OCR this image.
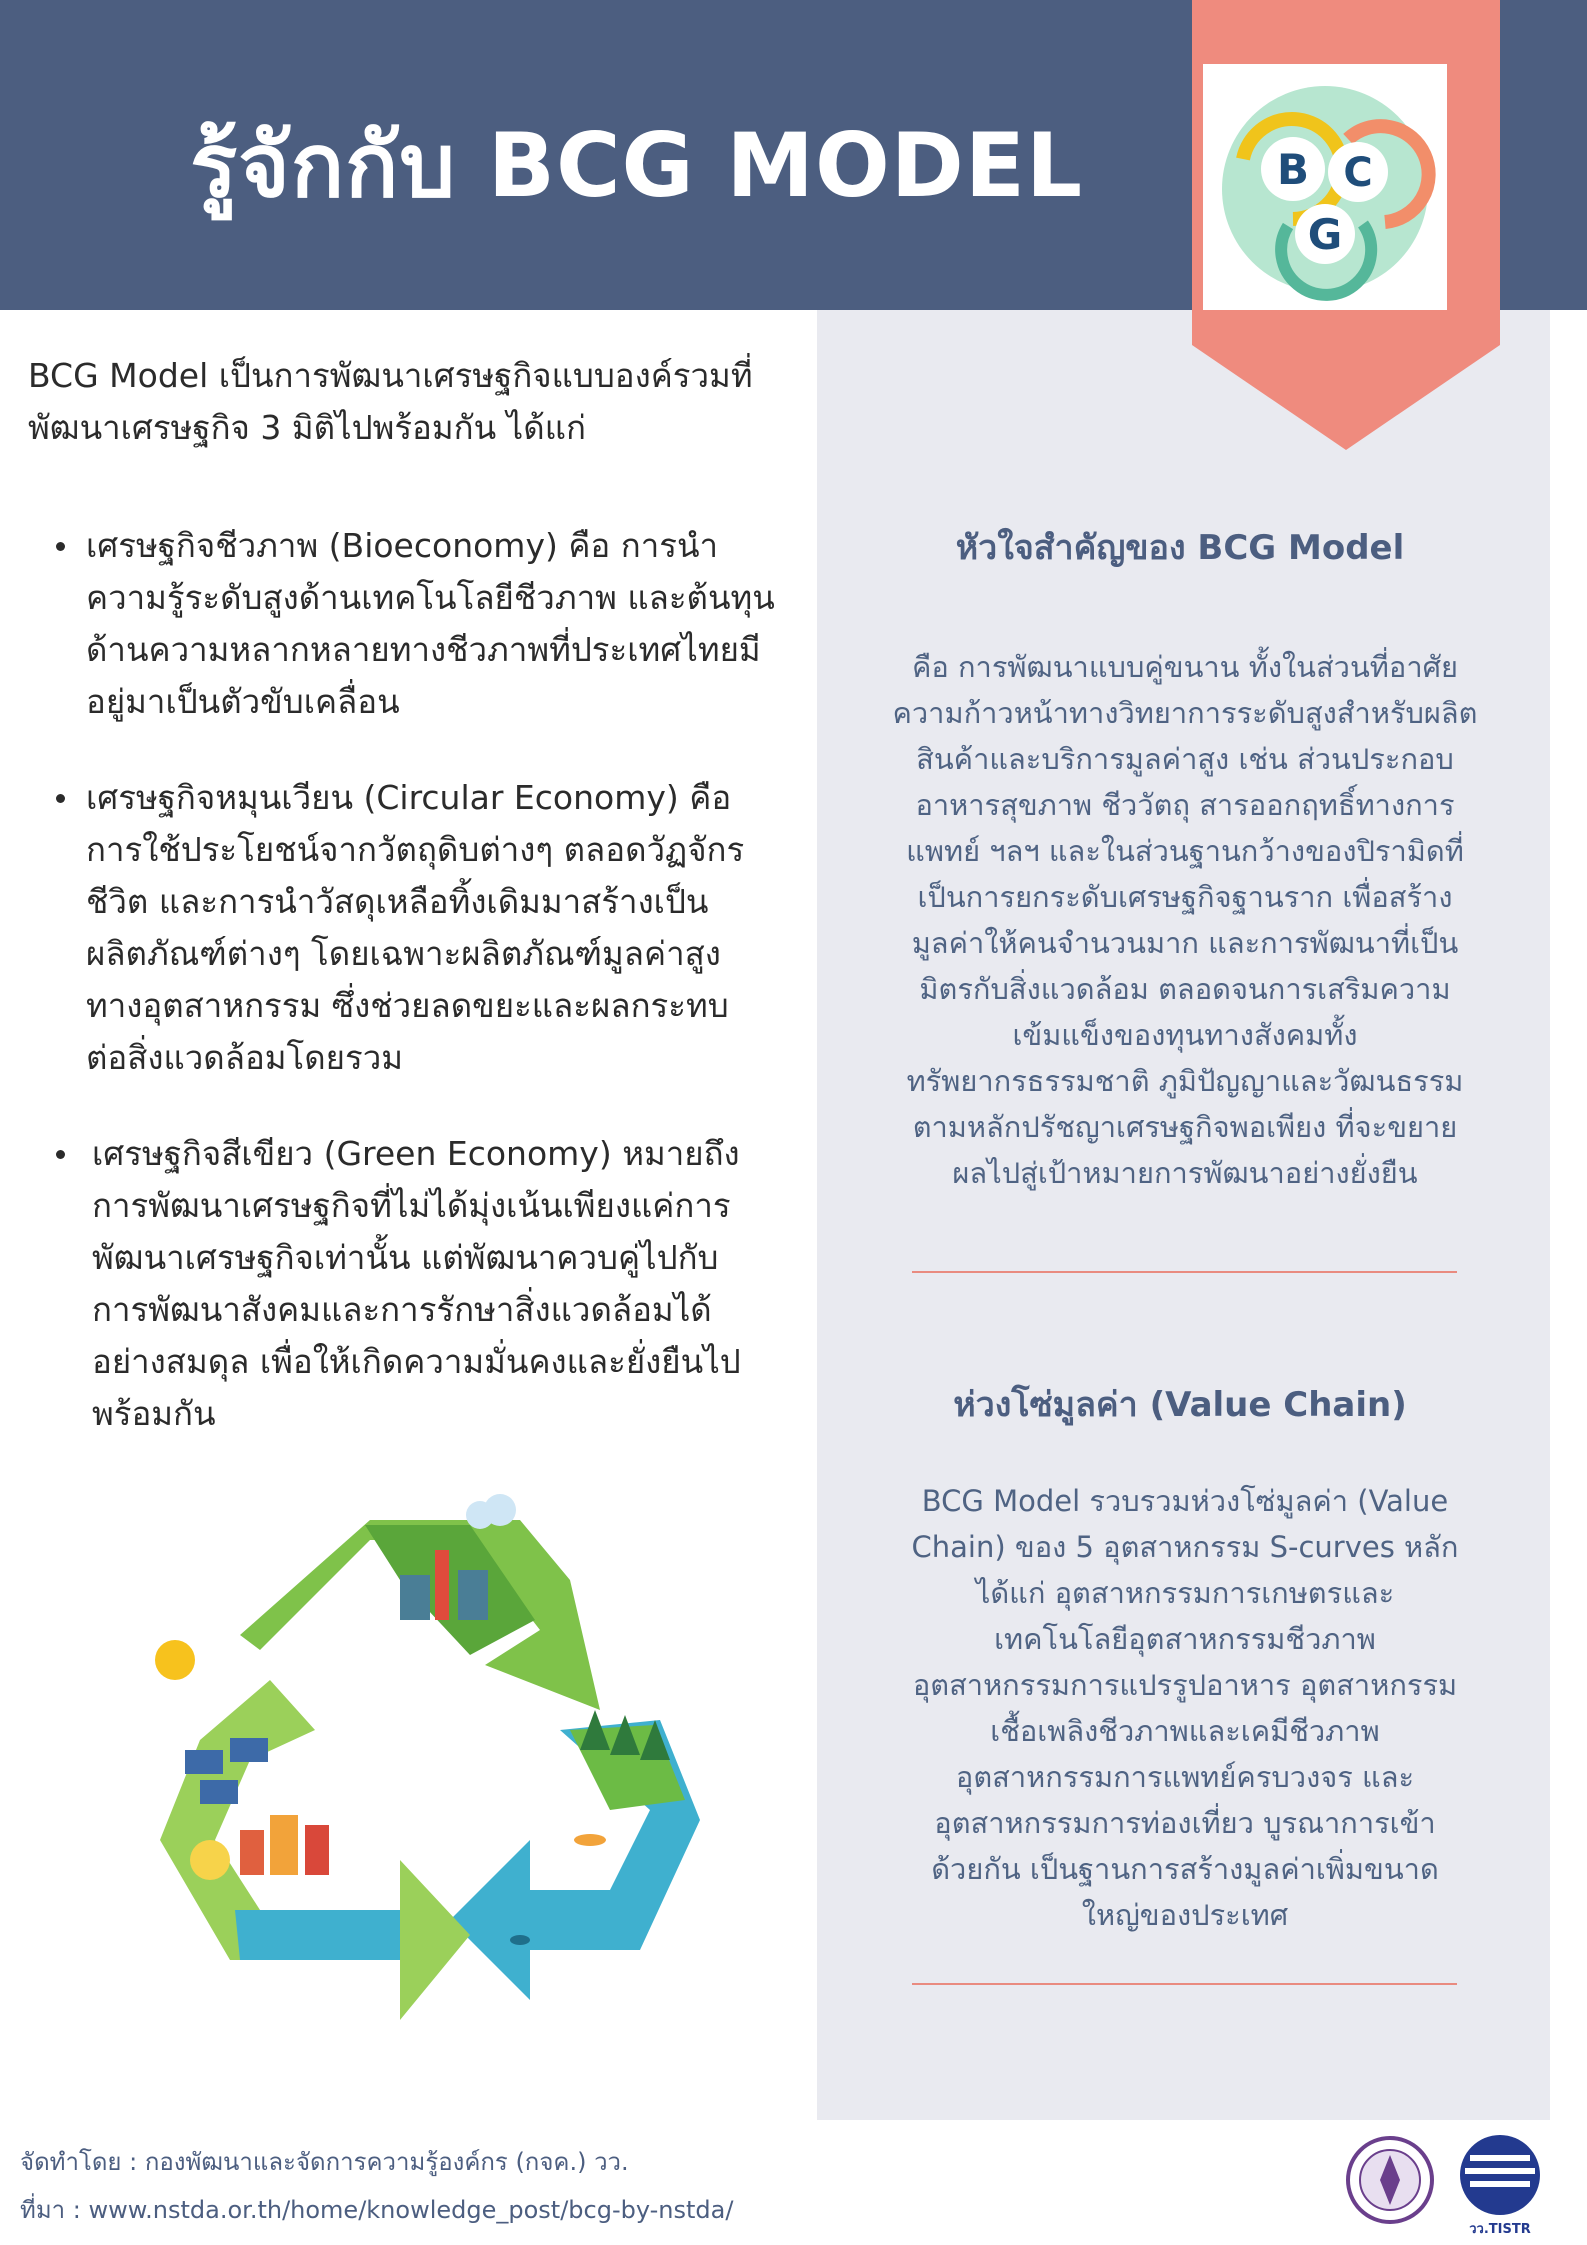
รู้จักกับ BCG MODEL	B C
G

BCG Model เป็นการพัฒนาเศรษฐกิจแบบองค์รวมที่

พัฒนาเศรษฐกิจ 3 มิติไปพร้อมกัน ได้แก่

เศรษฐกิจชีวภาพ (Bioeconomy) คือ การนำ
ความรู้ระดับสูงด้านเทคโนโลยีชีวภาพ และต้นทุน
ด้านความหลากหลายทางชีวภาพที่ประเทศไทยมี
อยู่มาเป็นตัวขับเคลื่อน
เศรษฐกิจหมุนเวียน (Circular Economy) คือ
การใช้ประโยชน์จากวัตถุดิบต่างๆ ตลอดวัฏจักร
ชีวิต และการนำวัสดุเหลือทิ้งเดิมมาสร้างเป็น
ผลิตภัณฑ์ต่างๆ โดยเฉพาะผลิตภัณฑ์มูลค่าสูง
ทางอุตสาหกรรม ซึ่งช่วยลดขยะและผลกระทบ
ต่อสิ่งแวดล้อมโดยรวม
เศรษฐกิจสีเขียว (Green Economy) หมายถึง
การพัฒนาเศรษฐกิจที่ไม่ได้มุ่งเน้นเพียงแค่การ
พัฒนาเศรษฐกิจเท่านั้น แต่พัฒนาควบคู่ไปกับ
การพัฒนาสังคมและการรักษาสิ่งแวดล้อมได้
อย่างสมดุล เพื่อให้เกิดความมั่นคงและยั่งยืนไป
พร้อมกัน
หัวใจสำคัญของ BCG Model
คือ การพัฒนาแบบคู่ขนาน ทั้งในส่วนที่อาศัย
ความก้าวหน้าทางวิทยาการระดับสูงสำหรับผลิต
สินค้าและบริการมูลค่าสูง เช่น ส่วนประกอบ
อาหารสุขภาพ ชีววัตถุ สารออกฤทธิ์ทางการ
แพทย์ ฯลฯ และในส่วนฐานกว้างของปิรามิดที่
เป็นการยกระดับเศรษฐกิจฐานราก เพื่อสร้าง
มูลค่าให้คนจำนวนมาก และการพัฒนาที่เป็น
มิตรกับสิ่งแวดล้อม ตลอดจนการเสริมความ
เข้มแข็งของทุนทางสังคมทั้ง
ทรัพยากรธรรมชาติ ภูมิปัญญาและวัฒนธรรม
ตามหลักปรัชญาเศรษฐกิจพอเพียง ที่จะขยาย
ผลไปสู่เป้าหมายการพัฒนาอย่างยั่งยืน
ห่วงโซ่มูลค่า (Value Chain)
BCG Model รวบรวมห่วงโซ่มูลค่า (Value
Chain) ของ 5 อุตสาหกรรม S-curves หลัก
ได้แก่ อุตสาหกรรมการเกษตรและ
เทคโนโลยีอุตสาหกรรมชีวภาพ
อุตสาหกรรมการแปรรูปอาหาร อุตสาหกรรม
เชื้อเพลิงชีวภาพและเคมีชีวภาพ
อุตสาหกรรมการแพทย์ครบวงจร และ
อุตสาหกรรมการท่องเที่ยว บูรณาการเข้า
ด้วยกัน เป็นฐานการสร้างมูลค่าเพิ่มขนาด
ใหญ่ของประเทศ
จัดทำโดย : กองพัฒนาและจัดการความรู้องค์กร (กจค.) วว.
ที่มา : www.nstda.or.th/home/knowledge_post/bcg-by-nstda/
วว.TISTR
